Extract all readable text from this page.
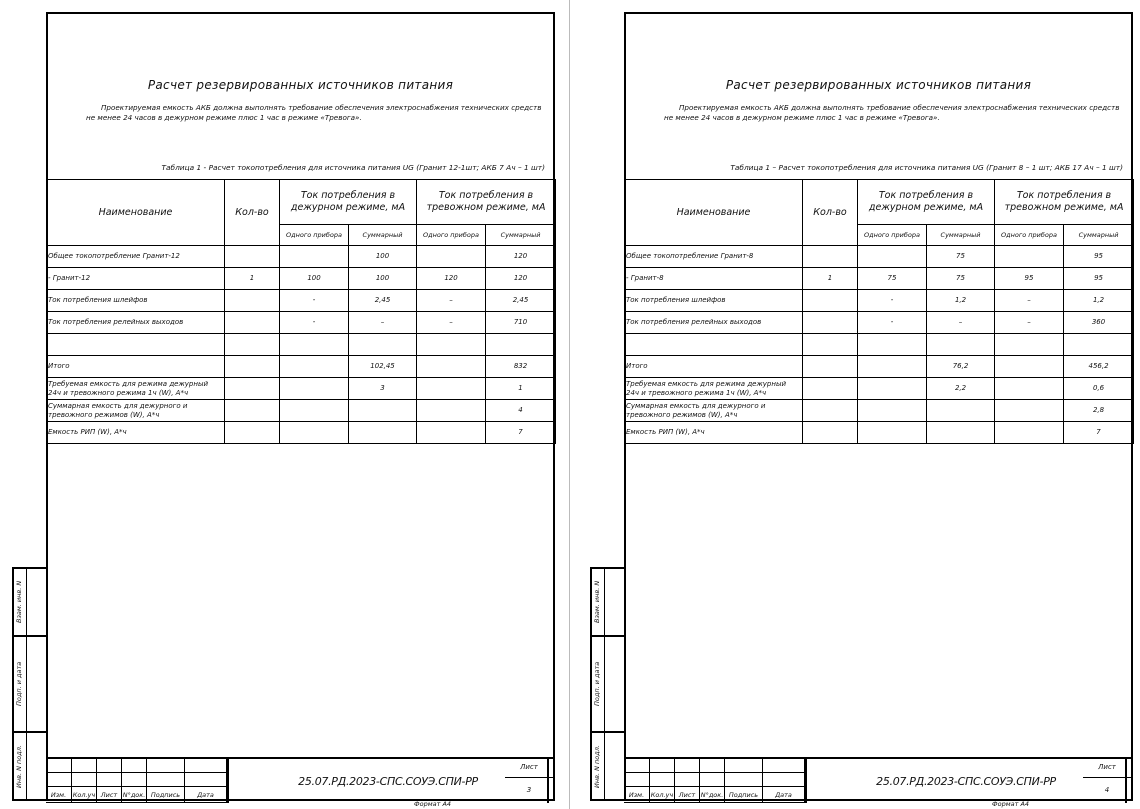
Расчет резервированных источников питания
Проектируемая емкость АКБ должна выполнять требование обеспечения электроснабжения технических средств не менее 24 часов в дежурном режиме плюс 1 час в режиме «Тревога».
Таблица 1 - Расчет токопотребления для источника питания UG (Гранит 12-1шт; АКБ 7 Ач – 1 шт)
Наименование	Кол-во	Ток потребления в дежурном режиме, мА		Ток потребления в тревожном режиме, мА	
		Одного прибора	Суммарный	Одного прибора	Суммарный
Общее токопотребление Гранит-12			100		120
- Гранит-12	1	100	100	120	120
Ток потребления шлейфов		-	2,45	–	2,45
Ток потребления релейных выходов		-	–	–	710

Итого			102,45		832
Требуемая емкость для режима дежурный 24ч и тревожного режима 1ч (W), А*ч			3		1
Суммарная емкость для дежурного и тревожного режимов (W), А*ч					4
Емкость РИП (W), А*ч					7
Взам. инв. N
Подп. и дата
Инв. N подл.
Изм.	Кол.уч Лист N°док. Подпись	Дата
25.07.РД.2023-СПС.СОУЭ.СПИ-РР
Лист
3
Формат А4
Расчет резервированных источников питания
Проектируемая емкость АКБ должна выполнять требование обеспечения электроснабжения технических средств не менее 24 часов в дежурном режиме плюс 1 час в режиме «Тревога».
Таблица 1 – Расчет токопотребления для источника питания UG (Гранит 8 – 1 шт; АКБ 17 Ач – 1 шт)
Наименование	Кол-во	Ток потребления в дежурном режиме, мА		Ток потребления в тревожном режиме, мА	
		Одного прибора	Суммарный	Одного прибора	Суммарный
Общее токопотребление Гранит-8			75		95
- Гранит-8	1	75	75	95	95
Ток потребления шлейфов		-	1,2	–	1,2
Ток потребления релейных выходов		-	–	–	360

Итого			76,2		456,2
Требуемая емкость для режима дежурный 24ч и тревожного режима 1ч (W), А*ч			2,2		0,6
Суммарная емкость для дежурного и тревожного режимов (W), А*ч					2,8
Емкость РИП (W), А*ч					7
Взам. инв. N
Подп. и дата
Инв. N подл.
Изм.	Кол.уч Лист N°док. Подпись	Дата
25.07.РД.2023-СПС.СОУЭ.СПИ-РР
Лист
4
Формат А4
